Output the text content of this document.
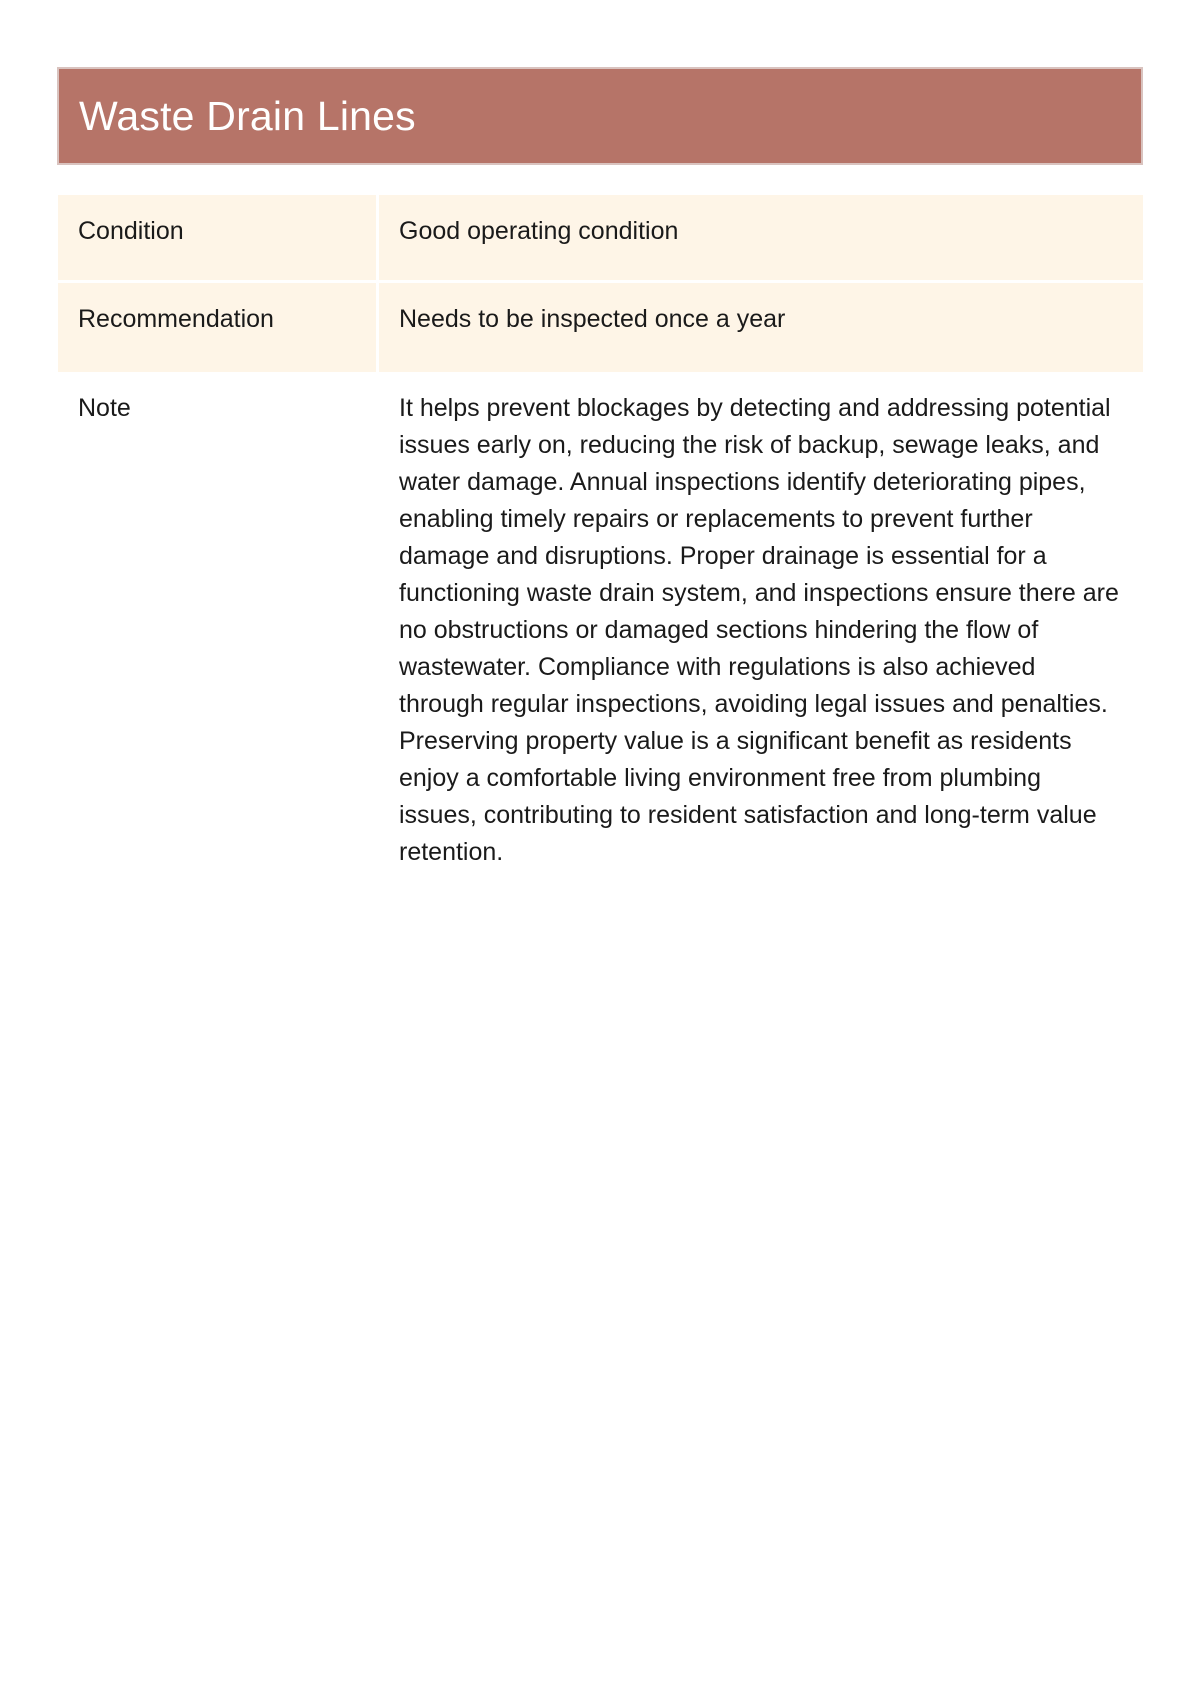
Waste Drain Lines
Condition	Good operating condition
Recommendation	Needs to be inspected once a year
Note	It helps prevent blockages by detecting and addressing potential issues early on, reducing the risk of backup, sewage leaks, and water damage. Annual inspections identify deteriorating pipes, enabling timely repairs or replacements to prevent further damage and disruptions. Proper drainage is essential for a functioning waste drain system, and inspections ensure there are no obstructions or damaged sections hindering the flow of wastewater. Compliance with regulations is also achieved through regular inspections, avoiding legal issues and penalties. Preserving property value is a significant benefit as residents enjoy a comfortable living environment free from plumbing issues, contributing to resident satisfaction and long-term value retention.
